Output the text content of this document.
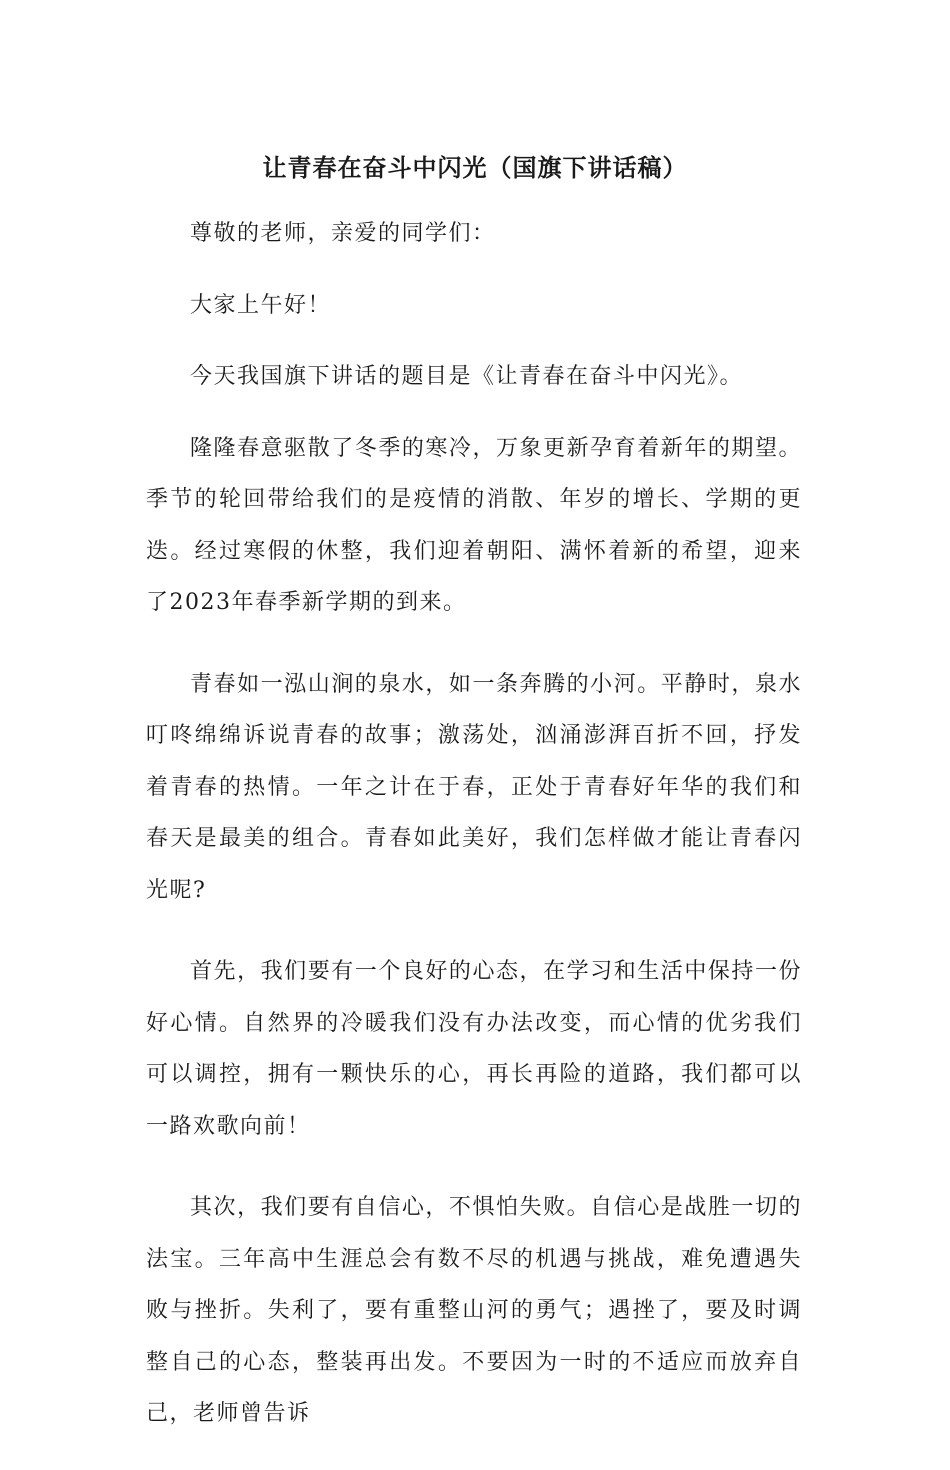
让青春在奋斗中闪光（国旗下讲话稿）

尊敬的老师，亲爱的同学们：

大家上午好！

今天我国旗下讲话的题目是《让青春在奋斗中闪光》。

隆隆春意驱散了冬季的寒冷，万象更新孕育着新年的期望。季节的轮回带给我们的是疫情的消散、年岁的增长、学期的更迭。经过寒假的休整，我们迎着朝阳、满怀着新的希望，迎来了2023年春季新学期的到来。

青春如一泓山涧的泉水，如一条奔腾的小河。平静时，泉水叮咚绵绵诉说青春的故事；激荡处，汹涌澎湃百折不回，抒发着青春的热情。一年之计在于春，正处于青春好年华的我们和春天是最美的组合。青春如此美好，我们怎样做才能让青春闪光呢?

首先，我们要有一个良好的心态，在学习和生活中保持一份好心情。自然界的冷暖我们没有办法改变，而心情的优劣我们可以调控，拥有一颗快乐的心，再长再险的道路，我们都可以一路欢歌向前！

其次，我们要有自信心，不惧怕失败。自信心是战胜一切的法宝。三年高中生涯总会有数不尽的机遇与挑战，难免遭遇失败与挫折。失利了，要有重整山河的勇气；遇挫了，要及时调整自己的心态，整装再出发。不要因为一时的不适应而放弃自己，老师曾告诉
